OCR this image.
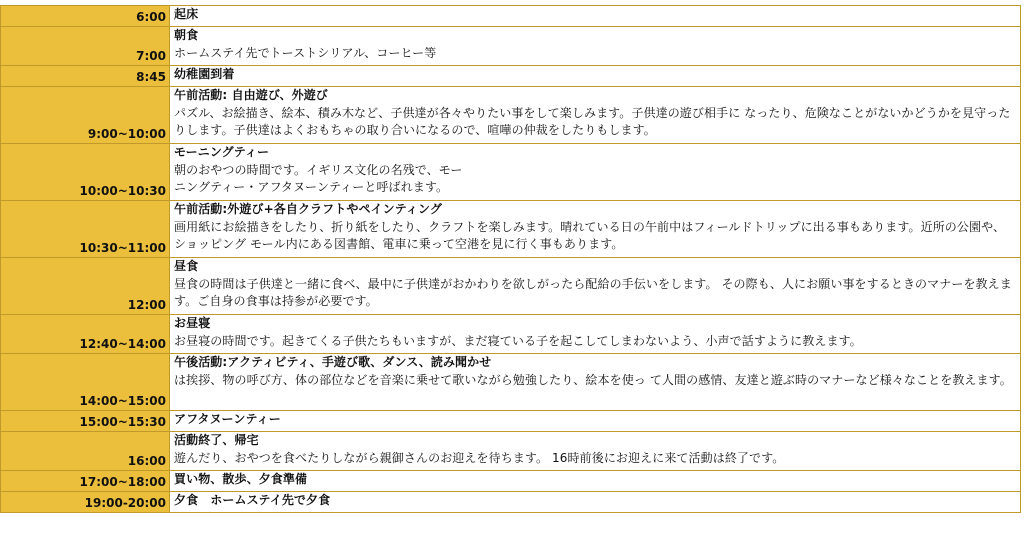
6:00	起床

7:00	朝食
ホームステイ先でトーストシリアル、コーヒー等

8:45	幼稚園到着

9:00~10:00	午前活動: 自由遊び、外遊び
パズル、お絵描き、絵本、積み木など、子供達が各々やりたい事をして楽しみます。子供達の遊び相手に なったり、危険なことがないかどうかを見守ったりします。子供達はよくおもちゃの取り合いになるので、喧嘩の仲裁をしたりもします。

10:00~10:30	モーニングティー
朝のおやつの時間です。イギリス文化の名残で、モーニングティー・アフタヌーンティーと呼ばれます。

10:30~11:00	午前活動:外遊び+各自クラフトやペインティング
画用紙にお絵描きをしたり、折り紙をしたり、クラフトを楽しみます。晴れている日の午前中はフィールドトリップに出る事もあります。近所の公園や、ショッピング モール内にある図書館、電車に乗って空港を見に行く事もあります。

12:00	昼食
昼食の時間は子供達と一緒に食べ、最中に子供達がおかわりを欲しがったら配給の手伝いをします。 その際も、人にお願い事をするときのマナーを教えます。ご自身の食事は持参が必要です。

12:40~14:00	お昼寝
お昼寝の時間です。起きてくる子供たちもいますが、まだ寝ている子を起こしてしまわないよう、小声で話すように教えます。

14:00~15:00	午後活動:アクティビティ、手遊び歌、ダンス、読み聞かせ
は挨拶、物の呼び方、体の部位などを音楽に乗せて歌いながら勉強したり、絵本を使っ て人間の感情、友達と遊ぶ時のマナーなど様々なことを教えます。

15:00~15:30	アフタヌーンティー

16:00	活動終了、帰宅
遊んだり、おやつを食べたりしながら親御さんのお迎えを待ちます。 16時前後にお迎えに来て活動は終了です。

17:00~18:00	買い物、散歩、夕食準備

19:00-20:00	夕食　ホームステイ先で夕食
